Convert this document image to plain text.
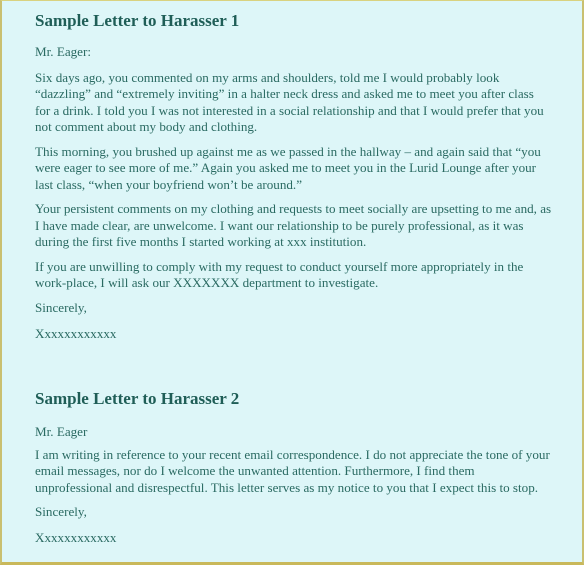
Sample Letter to Harasser 1

Mr. Eager:

Six days ago, you commented on my arms and shoulders, told me I would probably look “dazzling” and “extremely inviting” in a halter neck dress and asked me to meet you after class for a drink. I told you I was not interested in a social relationship and that I would prefer that you not comment about my body and clothing.

This morning, you brushed up against me as we passed in the hallway – and again said that “you were eager to see more of me.” Again you asked me to meet you in the Lurid Lounge after your last class, “when your boyfriend won’t be around.”

Your persistent comments on my clothing and requests to meet socially are upsetting to me and, as I have made clear, are unwelcome. I want our relationship to be purely professional, as it was during the first five months I started working at xxx institution.

If you are unwilling to comply with my request to conduct yourself more appropriately in the work-place, I will ask our XXXXXXX department to investigate.

Sincerely,

Xxxxxxxxxxxx

Sample Letter to Harasser 2

Mr. Eager

I am writing in reference to your recent email correspondence. I do not appreciate the tone of your email messages, nor do I welcome the unwanted attention. Furthermore, I find them unprofessional and disrespectful. This letter serves as my notice to you that I expect this to stop.

Sincerely,

Xxxxxxxxxxxx
